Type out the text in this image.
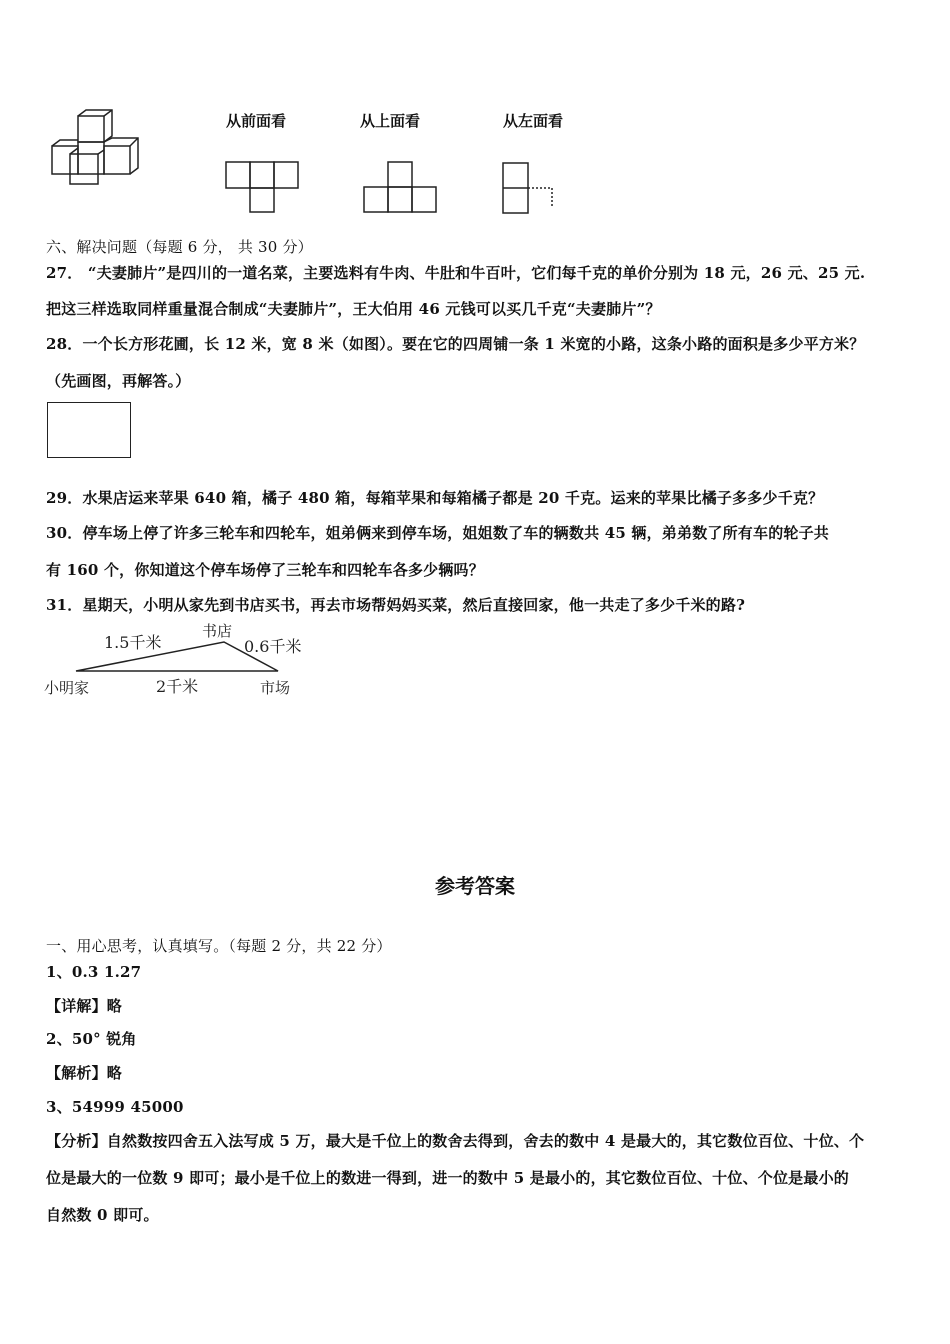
从前面看	从上面看	从左面看
六、解决问题（每题 6 分， 共 30 分）
27． “夫妻肺片”是四川的一道名菜，主要选料有牛肉、牛肚和牛百叶，它们每千克的单价分别为 18 元，26 元、25 元.
把这三样选取同样重量混合制成“夫妻肺片”，王大伯用 46 元钱可以买几千克“夫妻肺片”？
28．一个长方形花圃，长 12 米，宽 8 米（如图）。要在它的四周铺一条 1 米宽的小路，这条小路的面积是多少平方米？
（先画图，再解答。）
29．水果店运来苹果 640 箱，橘子 480 箱，每箱苹果和每箱橘子都是 20 千克。运来的苹果比橘子多多少千克？
30．停车场上停了许多三轮车和四轮车，姐弟俩来到停车场，姐姐数了车的辆数共 45 辆，弟弟数了所有车的轮子共
有 160 个，你知道这个停车场停了三轮车和四轮车各多少辆吗？
31．星期天，小明从家先到书店买书，再去市场帮妈妈买菜，然后直接回家，他一共走了多少千米的路?
1.5千米
书店
0.6千米
小明家	2千米	市场
参考答案
一、用心思考，认真填写。（每题 2 分，共 22 分）
1、0.3 1.27
【详解】略
2、50° 锐角
【解析】略
3、54999 45000
【分析】自然数按四舍五入法写成 5 万，最大是千位上的数舍去得到，舍去的数中 4 是最大的，其它数位百位、十位、个
位是最大的一位数 9 即可；最小是千位上的数进一得到，进一的数中 5 是最小的，其它数位百位、十位、个位是最小的
自然数 0 即可。
